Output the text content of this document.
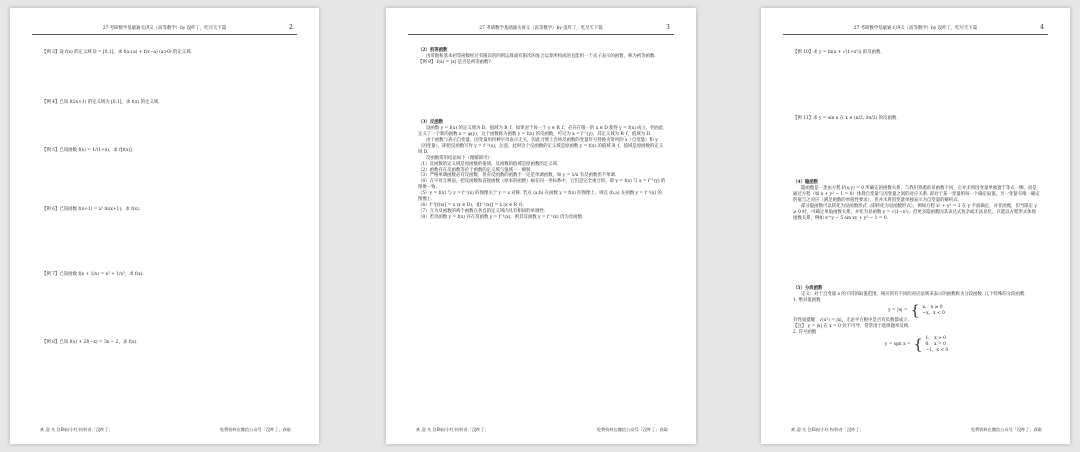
27 考研数学基础通关讲义（高等数学）by 没咋了，吃尽天下篇	2
【例 3】设 f(x) 的定义域 D = [0,1]，求 f(x+a) + f(x−a) (a>0) 的定义域.
【例 4】已知 f(2x+1) 的定义域为 [0,1]，求 f(x) 的定义域.
【例 5】已知函数 f(x) = 1/(1+x)，求 f[f(x)].
【例 6】已知函数 f(x+1) = x² ln(x+1)，求 f(x).
【例 7】已知函数 f(x + 1/x) = x² + 1/x²，求 f(x).
【例 8】已知 f(x) + 2f(−x) = 3x − 2，求 f(x).
欢 迎 关 注B站/小红书/抖音「没咋了」	免费资料在微信公众号「没咋了」获取
27 考研数学基础通关讲义（高等数学）by 没咋了，吃尽天下篇	3
（2）初等函数
由常数和基本初等函数经过有限次的四则运算或有限次的复合运算所构成的且能用一个式子表示的函数，称为初等函数.
【例 9】 f(x) = |x| 是否是初等函数?
（3）反函数
设函数 y = f(x) 的定义域为 D，值域为 R_f，如果对于每一个 y ∈ R_f，必存在唯一的 x ∈ D 使得 y = f(x) 成立，则由此定义了一个新的函数 x = φ(y)，这个函数称为函数 y = f(x) 的反函数，可记为 x = f⁻¹(y)，其定义域为 R_f，值域为 D.
由于函数与表示自变量、因变量用何种字母表示无关，因此习惯上会将反函数的变量符号替换为常用的 x（自变量）和 y（因变量），即把反函数写作 y = f⁻¹(x)，注意，此时这个反函数的定义域是原函数 y = f(x) 的值域 R_f，值域是原函数的定义域 D.
反函数常用结论如下（理解即可）：
（1）反函数的定义域是原函数的值域，反函数的值域是原函数的定义域.
（2）函数存在反函数等价于函数的定义域与值域一一映射.
（3）严格单调函数必有反函数，但有反函数的函数不一定是单调函数，如 y = 1/x 有反函数但不单调.
（4）在字母互换前，把反函数和直接函数（原来的函数）画在同一坐标系中，它们是完全重合的，即 y = f(x) 与 x = f⁻¹(y) 的图像一致.
（5）y = f(x) 与 y = f⁻¹(x) 的图像关于 y = x 对称. 若点 (a,b) 在函数 y = f(x) 的图像上，则点 (b,a) 在函数 y = f⁻¹(x) 的图像上.
（6）f⁻¹[f(x)] = x (x ∈ D)，f[f⁻¹(x)] = x (x ∈ R_f).
（7）互为反函数的两个函数在各自的定义域内具有相同的单调性.
（8）若奇函数 y = f(x) 存在反函数 y = f⁻¹(x)，则其反函数 y = f⁻¹(x) 仍为奇函数.
欢 迎 关 注B站/小红书/抖音「没咋了」	免费资料在微信公众号「没咋了」获取
27 考研数学基础通关讲义（高等数学）by 没咋了，吃尽天下篇	4
【例 10】求 y = ln(x + √(1+x²)) 的反函数.
【例 11】求 y = sin x 在 x ∈ (π/2, 3π/2) 的反函数.
（4）隐函数
隐函数是一类由方程 F(x,y) = 0 所确定的函数关系，与我们熟悉的显函数不同，它并未将因变量单独置于等式一侧，而是通过方程（如 x + y³ − 1 = 0）体现自变量与因变量之间的对应关系. 即对于某一变量的每一个确定取值，另一变量有唯一确定的值与之对应（满足函数的单值性要求），但并未将因变量单独表示为自变量的解析式.
部分隐函数可以转化为显函数形式（即转化为显函数形式），例如方程 x² + y² = 1 在 y 平面确定，并非函数，但当限定 y ≥ 0 时，可确定单值函数关系，并化为显函数 y = √(1−x²)，但更多隐函数因其表达式复杂或无法显化，只能以方程形式体现函数关系，例如 e^y − 5 sin xy + y² − 1 = 0.
（5）分段函数
定义：对于自变量 x 的不同的取值范围，相应的有不同的对应法则来表示的函数称为分段函数. 几个特殊的分段函数：
1. 绝对值函数
y = |x| = { x， x ≥ 0
−x，x < 0
有性质提醒：√(x²) = |x|，无论平方根中是否有负数都成立.
【注】 y = |x| 在 x = 0 处不可导，常常用于选择题举反例.
2. 符号函数
y = sgn x = { 1， x > 0
0， x = 0
−1，x < 0
欢 迎 关 注B站/小红书/抖音「没咋了」	免费资料在微信公众号「没咋了」获取
